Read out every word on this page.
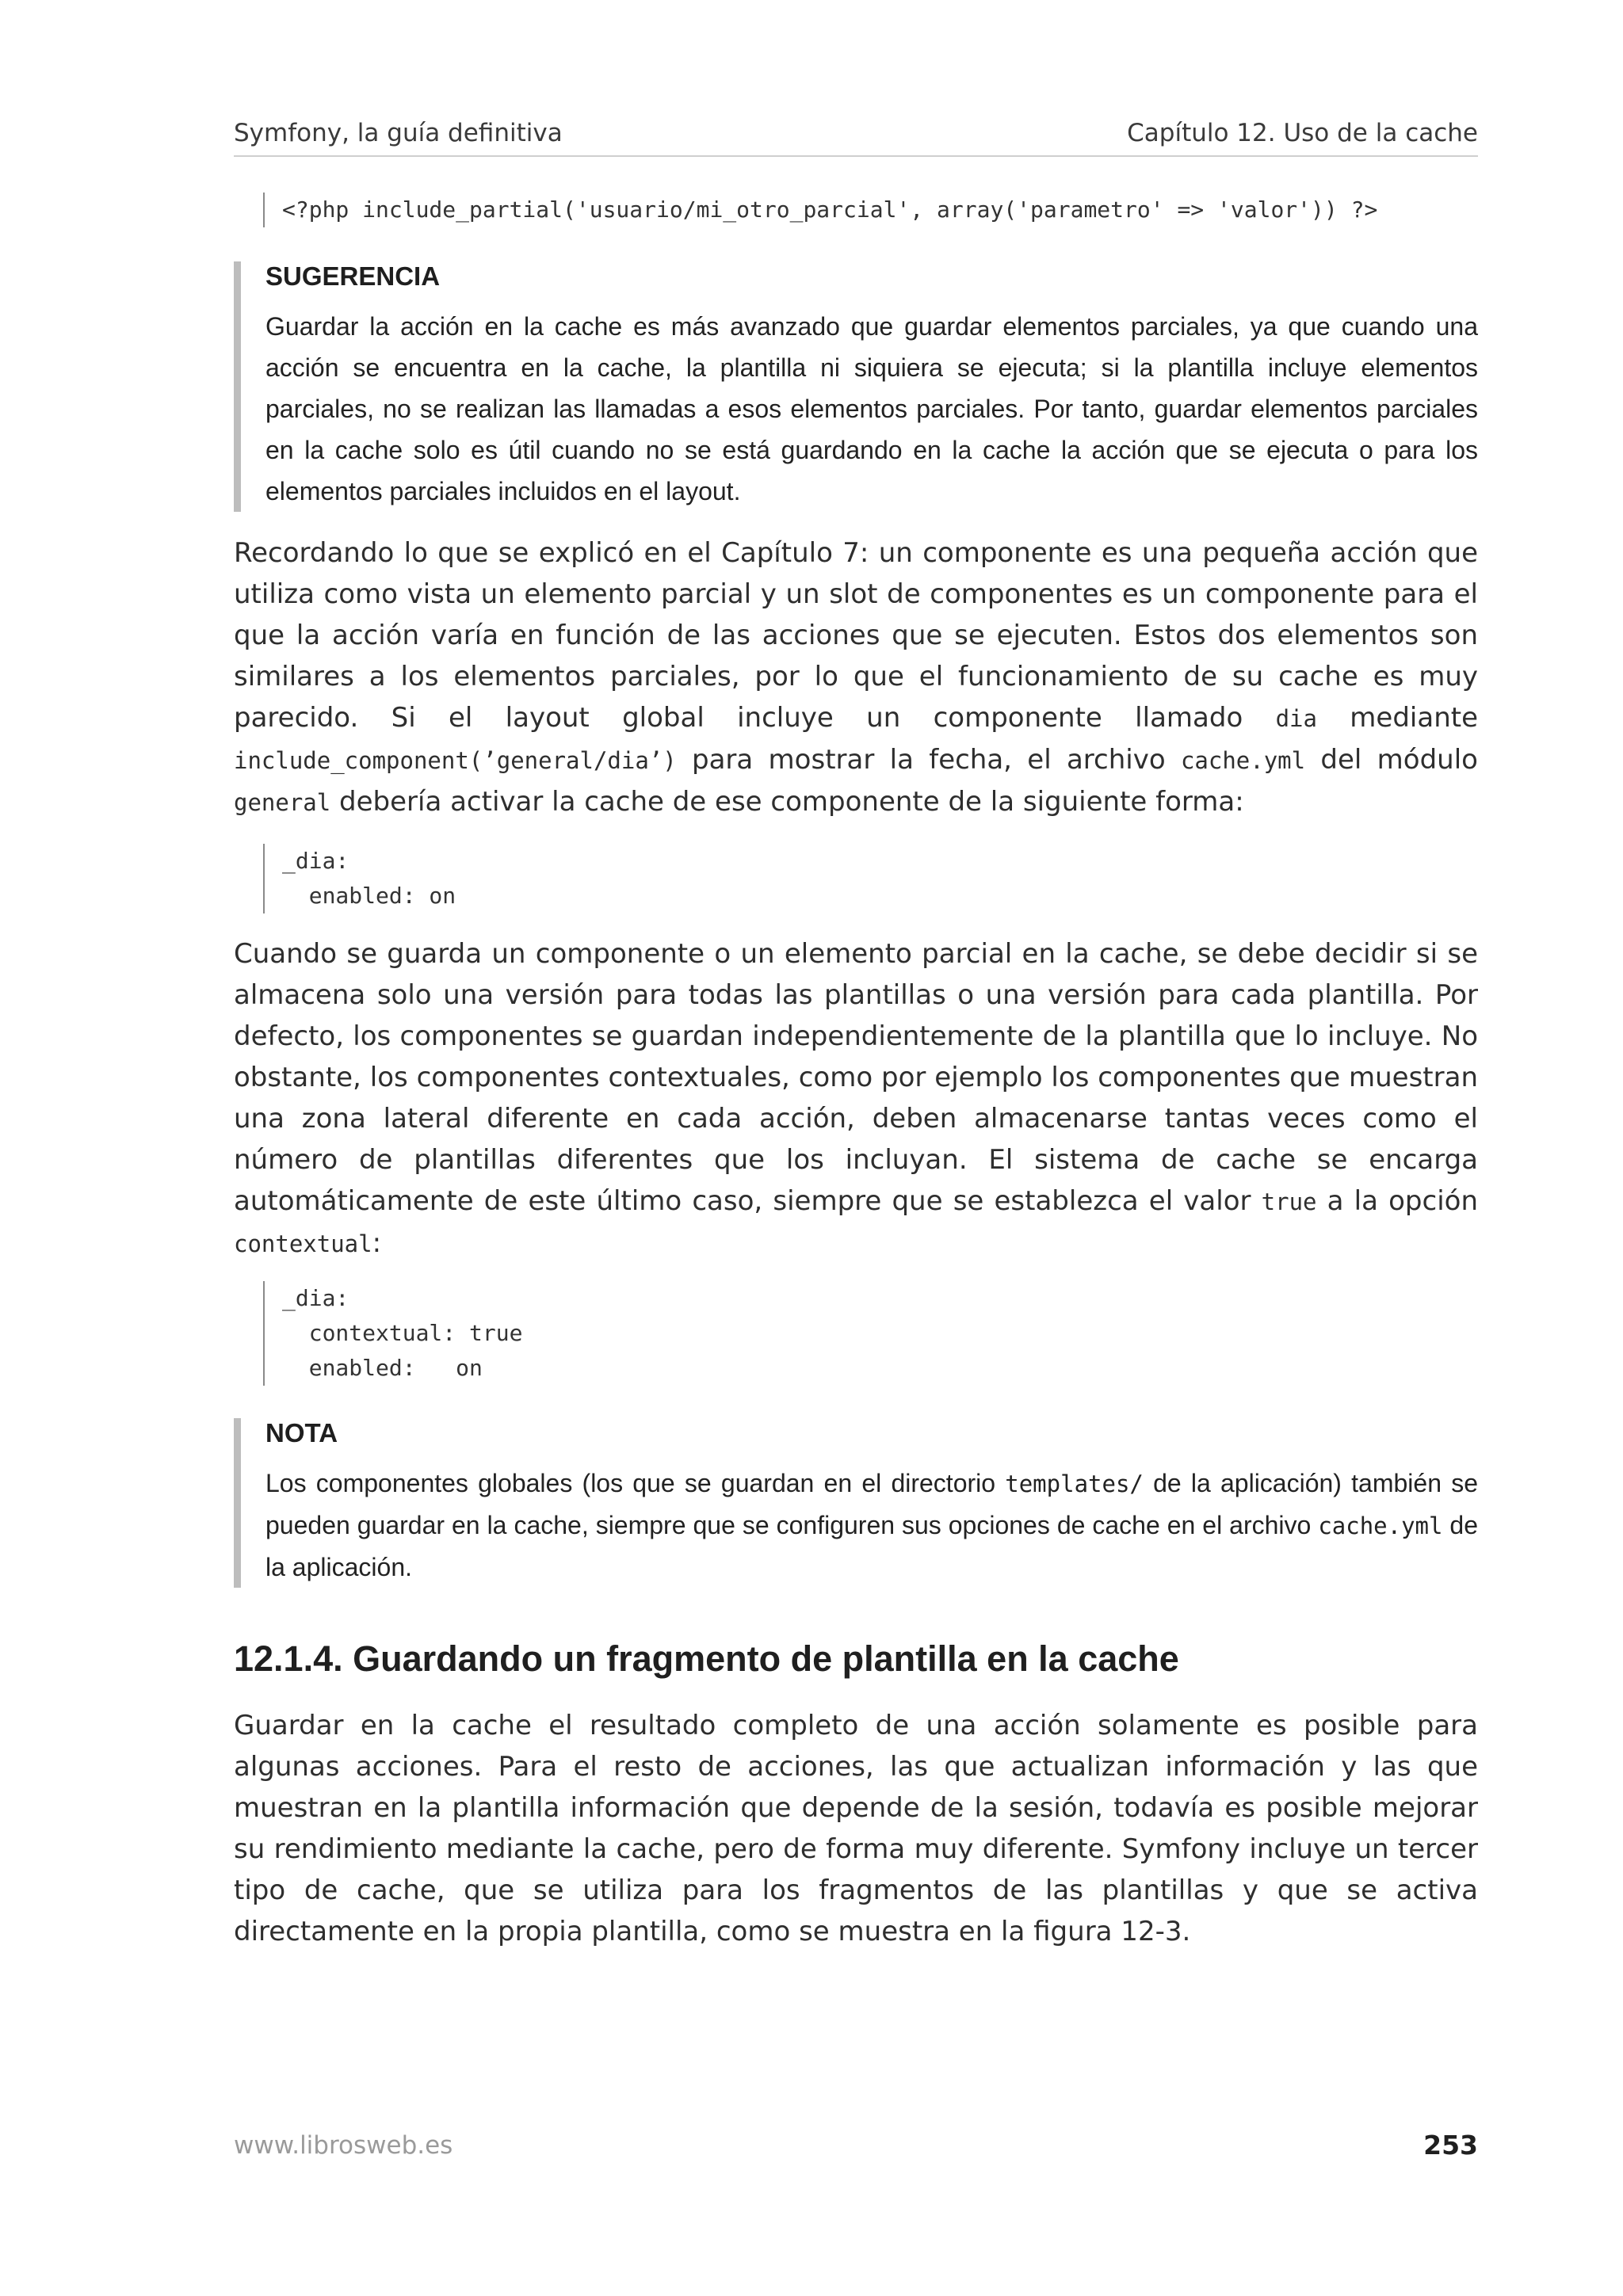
Symfony, la guía definitiva	Capítulo 12. Uso de la cache
<?php include_partial('usuario/mi_otro_parcial', array('parametro' => 'valor')) ?>

SUGERENCIA

Guardar la acción en la cache es más avanzado que guardar elementos parciales, ya que cuando una acción se encuentra en la cache, la plantilla ni siquiera se ejecuta; si la plantilla incluye elementos parciales, no se realizan las llamadas a esos elementos parciales. Por tanto, guardar elementos parciales en la cache solo es útil cuando no se está guardando en la cache la acción que se ejecuta o para los elementos parciales incluidos en el layout.

Recordando lo que se explicó en el Capítulo 7: un componente es una pequeña acción que utiliza como vista un elemento parcial y un slot de componentes es un componente para el que la acción varía en función de las acciones que se ejecuten. Estos dos elementos son similares a los elementos parciales, por lo que el funcionamiento de su cache es muy parecido. Si el layout global incluye un componente llamado dia mediante include_component(’general/dia’) para mostrar la fecha, el archivo cache.yml del módulo general debería activar la cache de ese componente de la siguiente forma:

_dia:
enabled: on

Cuando se guarda un componente o un elemento parcial en la cache, se debe decidir si se almacena solo una versión para todas las plantillas o una versión para cada plantilla. Por defecto, los componentes se guardan independientemente de la plantilla que lo incluye. No obstante, los componentes contextuales, como por ejemplo los componentes que muestran una zona lateral diferente en cada acción, deben almacenarse tantas veces como el número de plantillas diferentes que los incluyan. El sistema de cache se encarga automáticamente de este último caso, siempre que se establezca el valor true a la opción contextual:

_dia:
contextual: true
enabled:   on

NOTA

Los componentes globales (los que se guardan en el directorio templates/ de la aplicación) también se pueden guardar en la cache, siempre que se configuren sus opciones de cache en el archivo cache.yml de la aplicación.

12.1.4. Guardando un fragmento de plantilla en la cache

Guardar en la cache el resultado completo de una acción solamente es posible para algunas acciones. Para el resto de acciones, las que actualizan información y las que muestran en la plantilla información que depende de la sesión, todavía es posible mejorar su rendimiento mediante la cache, pero de forma muy diferente. Symfony incluye un tercer tipo de cache, que se utiliza para los fragmentos de las plantillas y que se activa directamente en la propia plantilla, como se muestra en la figura 12-3.

www.librosweb.es	253
